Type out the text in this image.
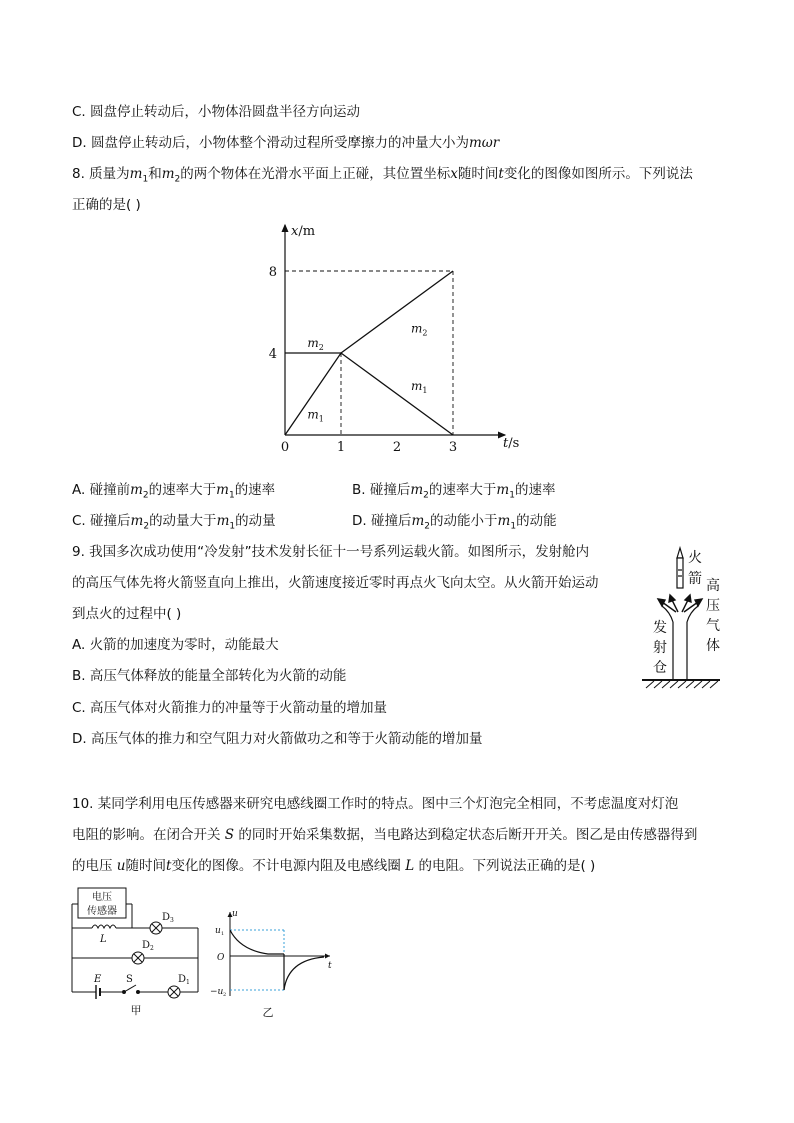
C. 圆盘停止转动后，小物体沿圆盘半径方向运动
D. 圆盘停止转动后，小物体整个滑动过程所受摩擦力的冲量大小为mωr
8. 质量为$m_1$和$m_2$的两个物体在光滑水平面上正碰，其位置坐标x随时间t变化的图像如图所示。下列说法
正确的是( )
0	1	2	3
4
8
x/m
t/s
$m_2$
$m_2$
$m_1$
$m_1$
A. 碰撞前$m_2$的速率大于$m_1$的速率	B. 碰撞后$m_2$的速率大于$m_1$的速率
C. 碰撞后$m_2$的动量大于$m_1$的动量	D. 碰撞后$m_2$的动能小于$m_1$的动能
9. 我国多次成功使用“冷发射”技术发射长征十一号系列运载火箭。如图所示，发射舱内
的高压气体先将火箭竖直向上推出，火箭速度接近零时再点火飞向太空。从火箭开始运动
到点火的过程中( )
A. 火箭的加速度为零时，动能最大
B. 高压气体释放的能量全部转化为火箭的动能
C. 高压气体对火箭推力的冲量等于火箭动量的增加量
D. 高压气体的推力和空气阻力对火箭做功之和等于火箭动能的增加量
火
箭 高
压
气
体
发
射
仓
10. 某同学利用电压传感器来研究电感线圈工作时的特点。图中三个灯泡完全相同，不考虑温度对灯泡
电阻的影响。在闭合开关 S 的同时开始采集数据，当电路达到稳定状态后断开开关。图乙是由传感器得到
的电压 u随时间t变化的图像。不计电源内阻及电感线圈 L 的电阻。下列说法正确的是( )
电压
传感器
L
D 3
D 2
D 1
E S
甲
u
t
u 1
O
−u 2
乙
